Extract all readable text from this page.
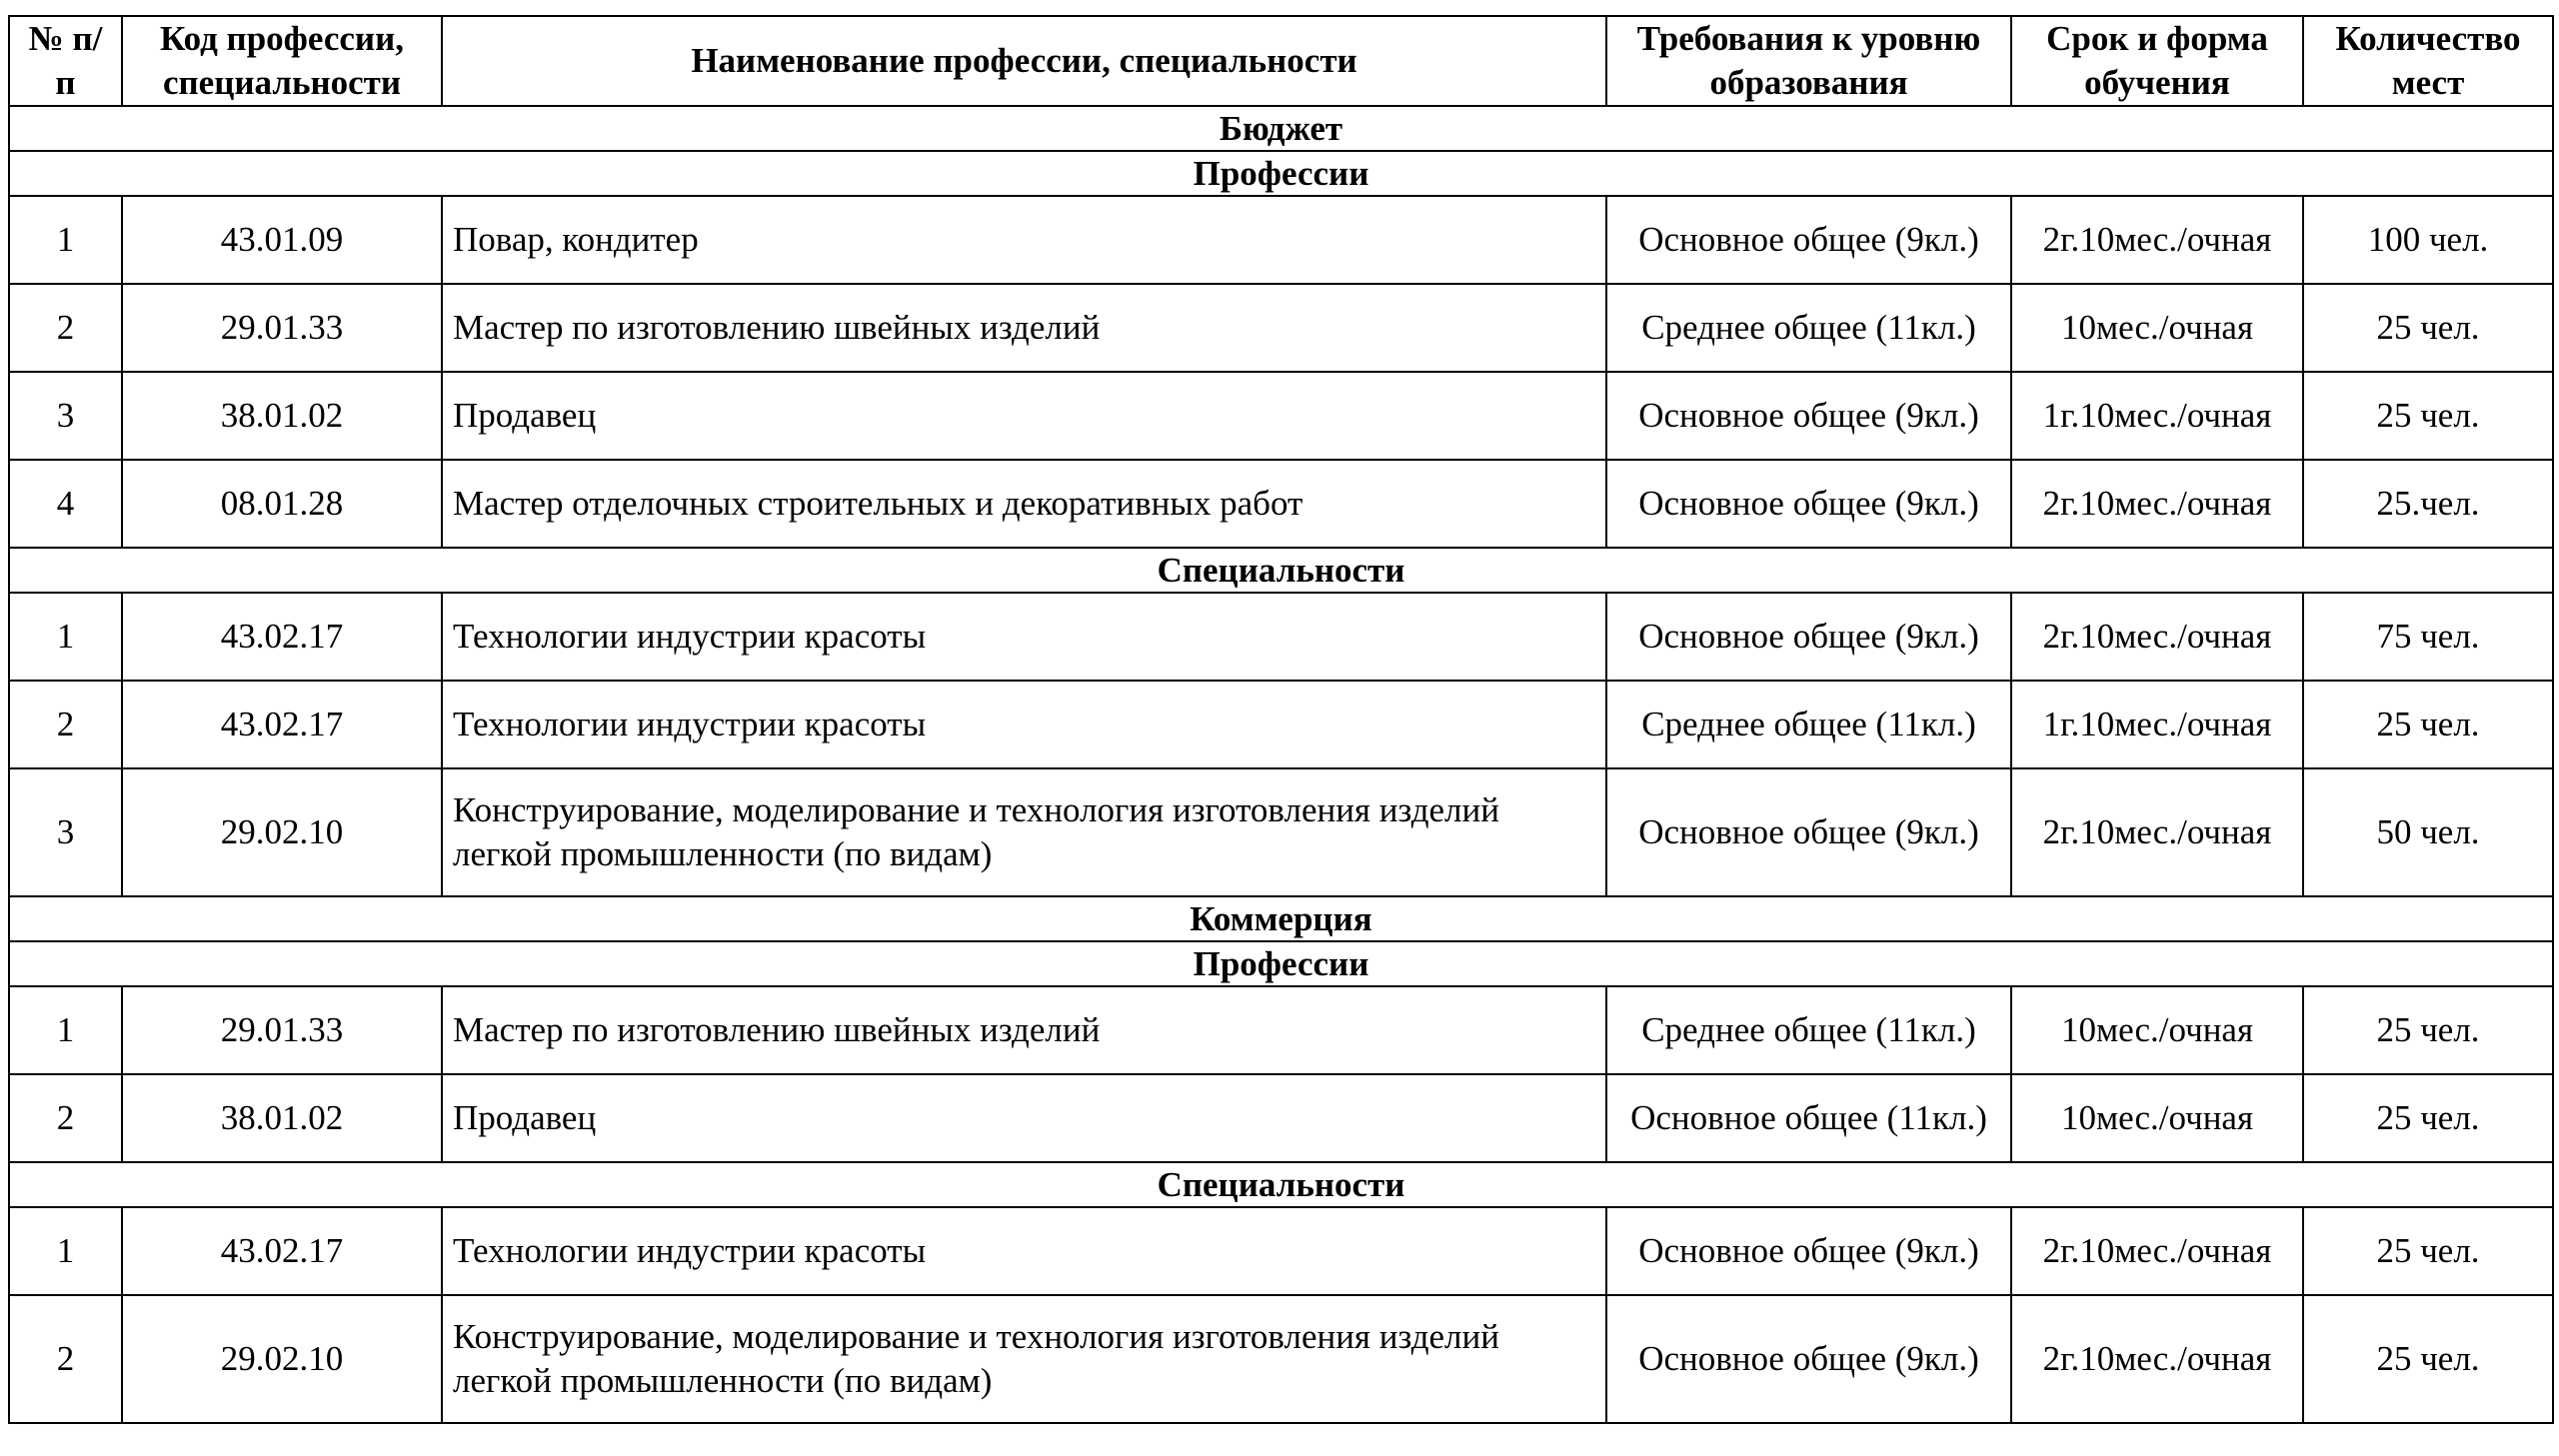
№ п/п	Код профессии, специальности	Наименование профессии, специальности	Требования к уровню образования	Срок и форма обучения	Количество мест
Бюджет					
Профессии					
1	43.01.09	Повар, кондитер	Основное общее (9кл.)	2г.10мес./очная	100 чел.
2	29.01.33	Мастер по изготовлению швейных изделий	Среднее общее (11кл.)	10мес./очная	25 чел.
3	38.01.02	Продавец	Основное общее (9кл.)	1г.10мес./очная	25 чел.
4	08.01.28	Мастер отделочных строительных и декоративных работ	Основное общее (9кл.)	2г.10мес./очная	25.чел.
Специальности					
1	43.02.17	Технологии индустрии красоты	Основное общее (9кл.)	2г.10мес./очная	75 чел.
2	43.02.17	Технологии индустрии красоты	Среднее общее (11кл.)	1г.10мес./очная	25 чел.
3	29.02.10	Конструирование, моделирование и технология изготовления изделий легкой промышленности (по видам)	Основное общее (9кл.)	2г.10мес./очная	50 чел.
Коммерция					
Профессии					
1	29.01.33	Мастер по изготовлению швейных изделий	Среднее общее (11кл.)	10мес./очная	25 чел.
2	38.01.02	Продавец	Основное общее (11кл.)	10мес./очная	25 чел.
Специальности					
1	43.02.17	Технологии индустрии красоты	Основное общее (9кл.)	2г.10мес./очная	25 чел.
2	29.02.10	Конструирование, моделирование и технология изготовления изделий легкой промышленности (по видам)	Основное общее (9кл.)	2г.10мес./очная	25 чел.
